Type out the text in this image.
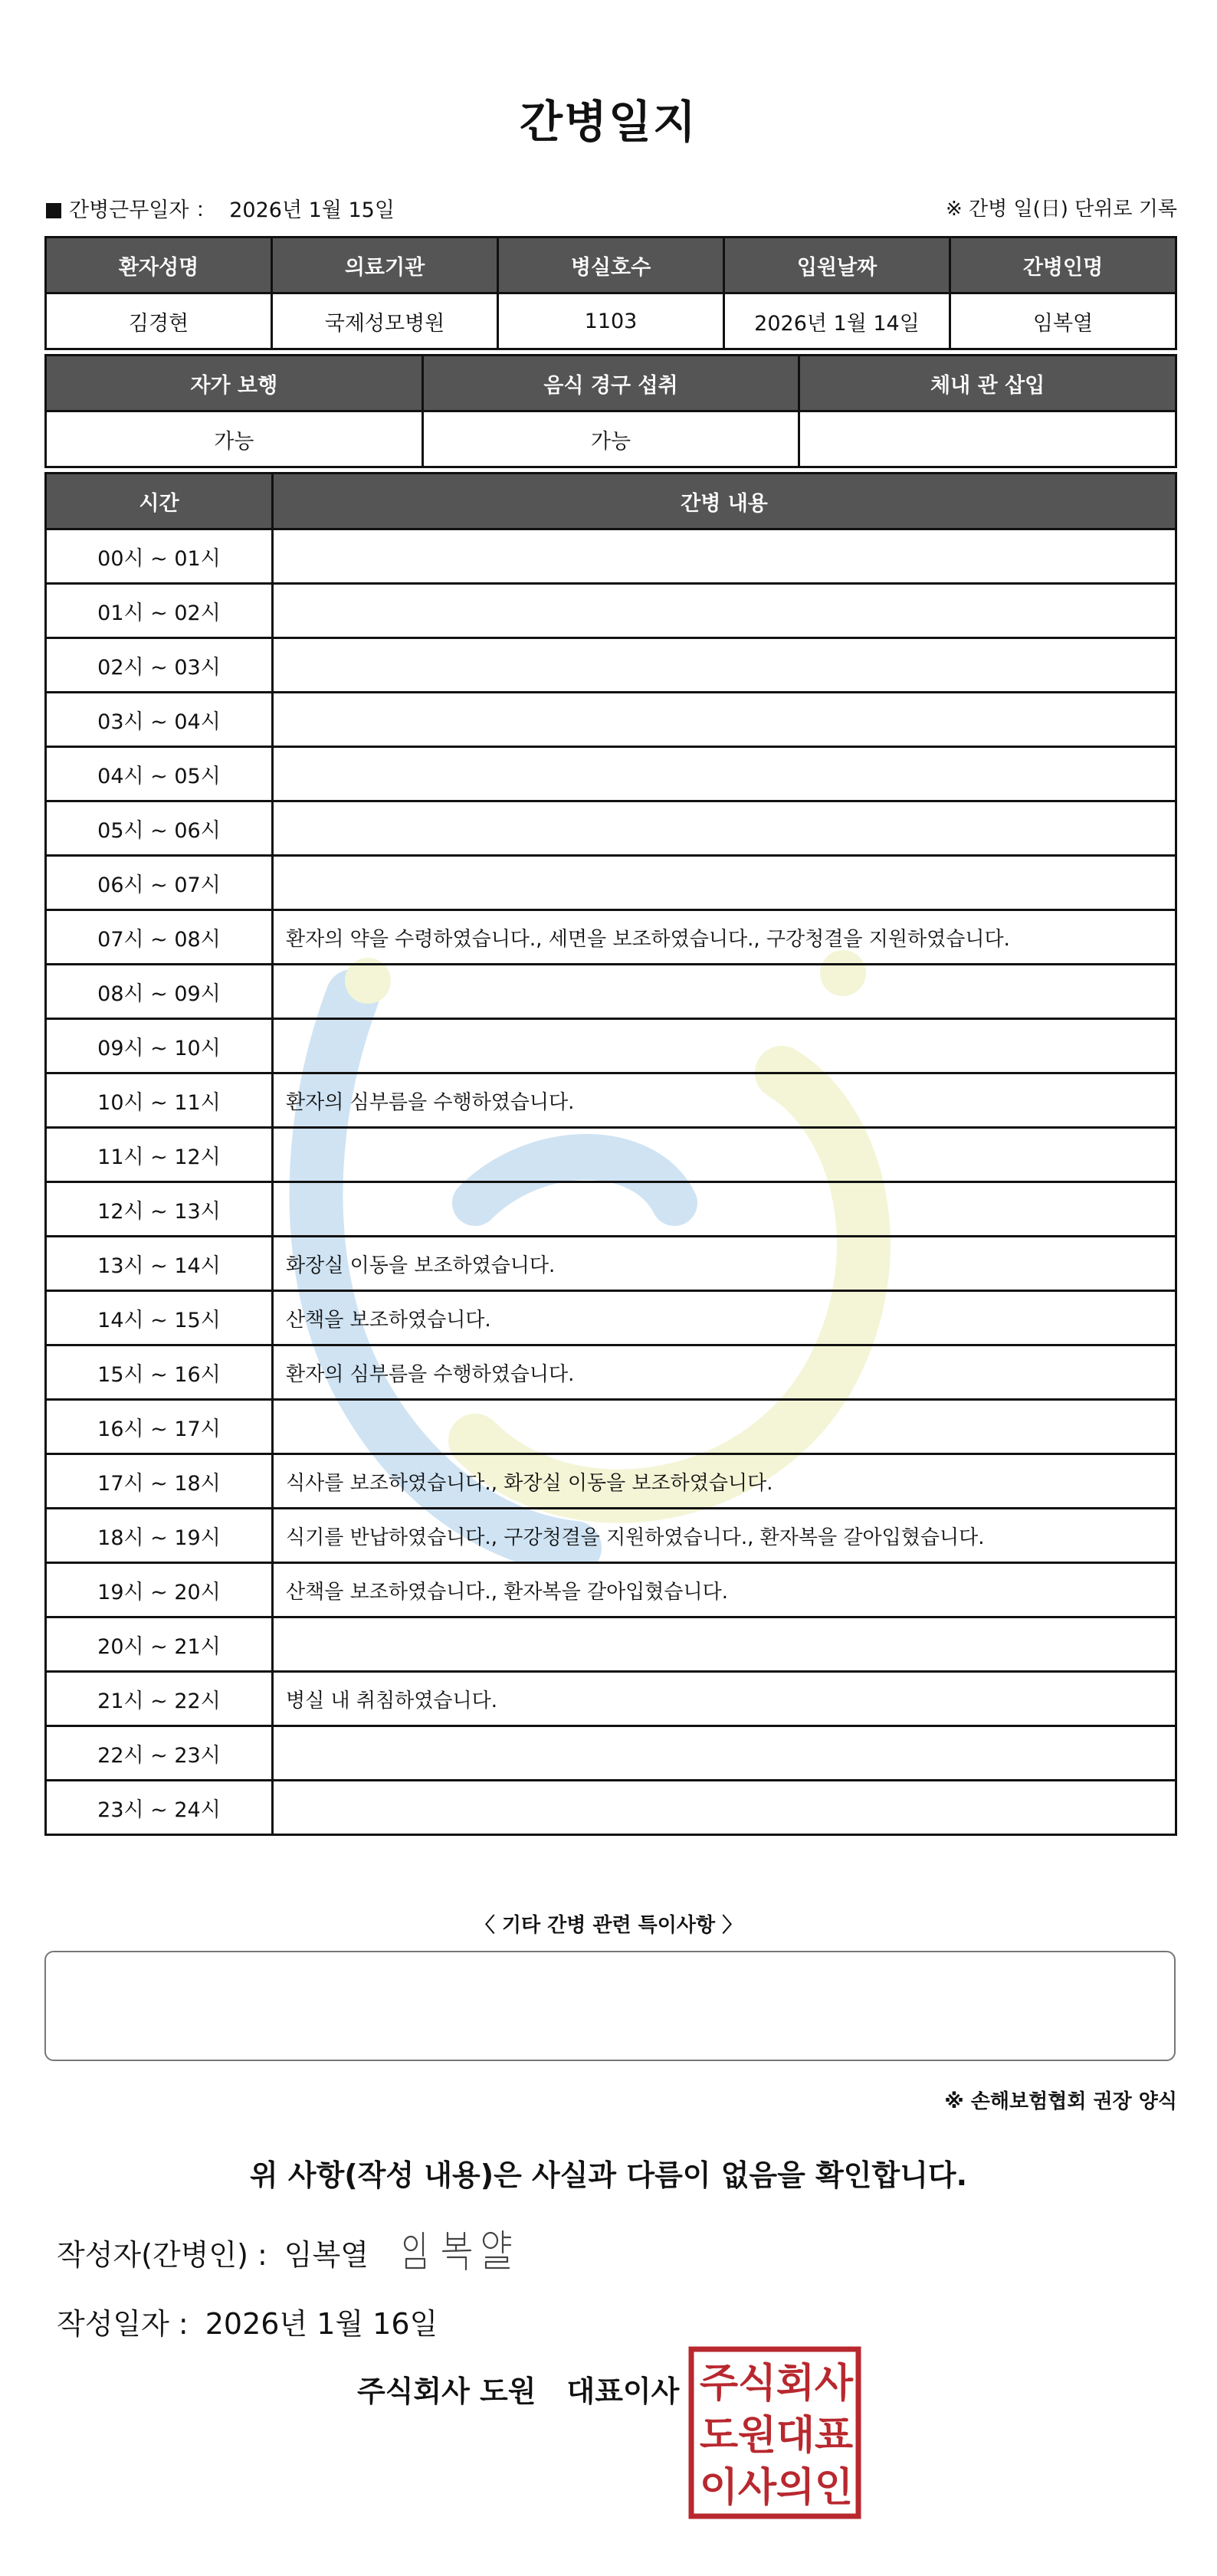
간병일지
간병근무일자 ： 2026년 1월 15일	※ 간병 일(日) 단위로 기록
환자성명	의료기관	병실호수	입원날짜	간병인명
김경현	국제성모병원	1103	2026년 1월 14일	임복열
자가 보행	음식 경구 섭취	체내 관 삽입
가능	가능	
시간	간병 내용
00시 ~ 01시	
01시 ~ 02시	
02시 ~ 03시	
03시 ~ 04시	
04시 ~ 05시	
05시 ~ 06시	
06시 ~ 07시	
07시 ~ 08시	환자의 약을 수령하였습니다., 세면을 보조하였습니다., 구강청결을 지원하였습니다.
08시 ~ 09시	
09시 ~ 10시	
10시 ~ 11시	환자의 심부름을 수행하였습니다.
11시 ~ 12시	
12시 ~ 13시	
13시 ~ 14시	화장실 이동을 보조하였습니다.
14시 ~ 15시	산책을 보조하였습니다.
15시 ~ 16시	환자의 심부름을 수행하였습니다.
16시 ~ 17시	
17시 ~ 18시	식사를 보조하였습니다., 화장실 이동을 보조하였습니다.
18시 ~ 19시	식기를 반납하였습니다., 구강청결을 지원하였습니다., 환자복을 갈아입혔습니다.
19시 ~ 20시	산책을 보조하였습니다., 환자복을 갈아입혔습니다.
20시 ~ 21시	
21시 ~ 22시	병실 내 취침하였습니다.
22시 ~ 23시	
23시 ~ 24시	
〈 기타 간병 관련 특이사항 〉
※ 손해보험협회 권장 양식
위 사항(작성 내용)은 사실과 다름이 없음을 확인합니다.
작성자(간병인) : 임복열
작성일자 : 2026년 1월 16일
주식회사 도원 대표이사 주 식 회 사
도 원 대 표
이 사 의 인
